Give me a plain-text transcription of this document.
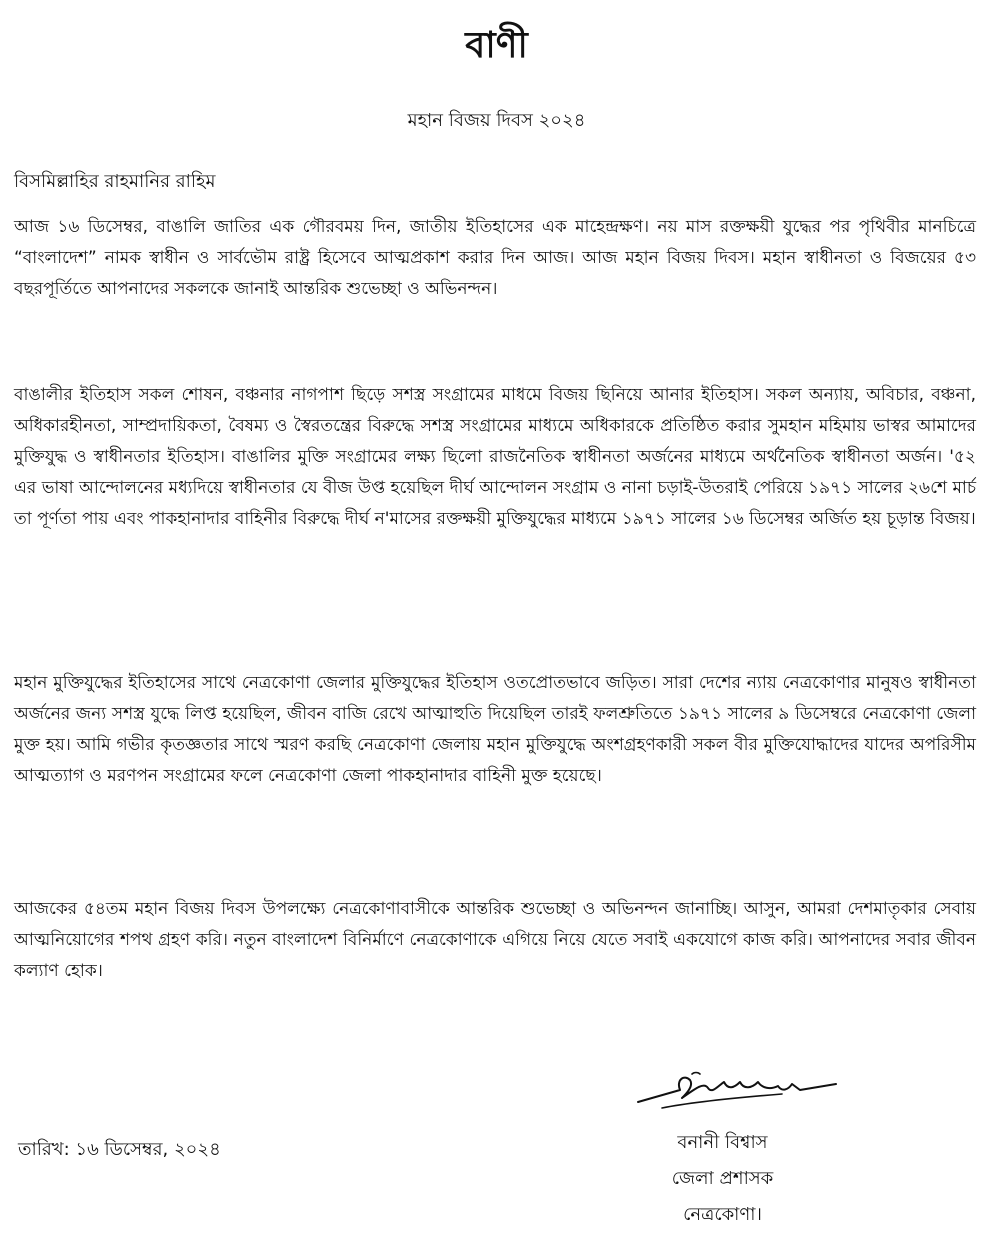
বাণী
মহান বিজয় দিবস ২০২৪
বিসমিল্লাহির রাহমানির রাহিম

আজ ১৬ ডিসেম্বর, বাঙালি জাতির এক গৌরবময় দিন, জাতীয় ইতিহাসের এক মাহেন্দ্রক্ষণ। নয় মাস রক্তক্ষয়ী যুদ্ধের পর পৃথিবীর মানচিত্রে “বাংলাদেশ” নামক স্বাধীন ও সার্বভৌম রাষ্ট্র হিসেবে আত্মপ্রকাশ করার দিন আজ। আজ মহান বিজয় দিবস। মহান স্বাধীনতা ও বিজয়ের ৫৩ বছরপূর্তিতে আপনাদের সকলকে জানাই আন্তরিক শুভেচ্ছা ও অভিনন্দন।

বাঙালীর ইতিহাস সকল শোষন, বঞ্চনার নাগপাশ ছিড়ে সশস্ত্র সংগ্রামের মাধমে বিজয় ছিনিয়ে আনার ইতিহাস। সকল অন্যায়, অবিচার, বঞ্চনা, অধিকারহীনতা, সাম্প্রদায়িকতা, বৈষম্য ও স্বৈরতন্ত্রের বিরুদ্ধে সশস্ত্র সংগ্রামের মাধ্যমে অধিকারকে প্রতিষ্ঠিত করার সুমহান মহিমায় ভাস্বর আমাদের মুক্তিযুদ্ধ ও স্বাধীনতার ইতিহাস। বাঙালির মুক্তি সংগ্রামের লক্ষ্য ছিলো রাজনৈতিক স্বাধীনতা অর্জনের মাধ্যমে অর্থনৈতিক স্বাধীনতা অর্জন। '৫২ এর ভাষা আন্দোলনের মধ্যদিয়ে স্বাধীনতার যে বীজ উপ্ত হয়েছিল দীর্ঘ আন্দোলন সংগ্রাম ও নানা চড়াই-উতরাই পেরিয়ে ১৯৭১ সালের ২৬শে মার্চ তা পূর্ণতা পায় এবং পাকহানাদার বাহিনীর বিরুদ্ধে দীর্ঘ ন'মাসের রক্তক্ষয়ী মুক্তিযুদ্ধের মাধ্যমে ১৯৭১ সালের ১৬ ডিসেম্বর অর্জিত হয় চূড়ান্ত বিজয়।

মহান মুক্তিযুদ্ধের ইতিহাসের সাথে নেত্রকোণা জেলার মুক্তিযুদ্ধের ইতিহাস ওতপ্রোতভাবে জড়িত। সারা দেশের ন্যায় নেত্রকোণার মানুষও স্বাধীনতা অর্জনের জন্য সশস্ত্র যুদ্ধে লিপ্ত হয়েছিল, জীবন বাজি রেখে আত্মাহুতি দিয়েছিল তারই ফলশ্রুতিতে ১৯৭১ সালের ৯ ডিসেম্বরে নেত্রকোণা জেলা মুক্ত হয়। আমি গভীর কৃতজ্ঞতার সাথে স্মরণ করছি নেত্রকোণা জেলায় মহান মুক্তিযুদ্ধে অংশগ্রহণকারী সকল বীর মুক্তিযোদ্ধাদের যাদের অপরিসীম আত্মত্যাগ ও মরণপন সংগ্রামের ফলে নেত্রকোণা জেলা পাকহানাদার বাহিনী মুক্ত হয়েছে।

আজকের ৫৪তম মহান বিজয় দিবস উপলক্ষ্যে নেত্রকোণাবাসীকে আন্তরিক শুভেচ্ছা ও অভিনন্দন জানাচ্ছি। আসুন, আমরা দেশমাতৃকার সেবায় আত্মনিয়োগের শপথ গ্রহণ করি। নতুন বাংলাদেশ বিনির্মাণে নেত্রকোণাকে এগিয়ে নিয়ে যেতে সবাই একযোগে কাজ করি। আপনাদের সবার জীবন কল্যাণ হোক।

তারিখ: ১৬ ডিসেম্বর, ২০২৪	বনানী বিশ্বাস
জেলা প্রশাসক
নেত্রকোণা।
